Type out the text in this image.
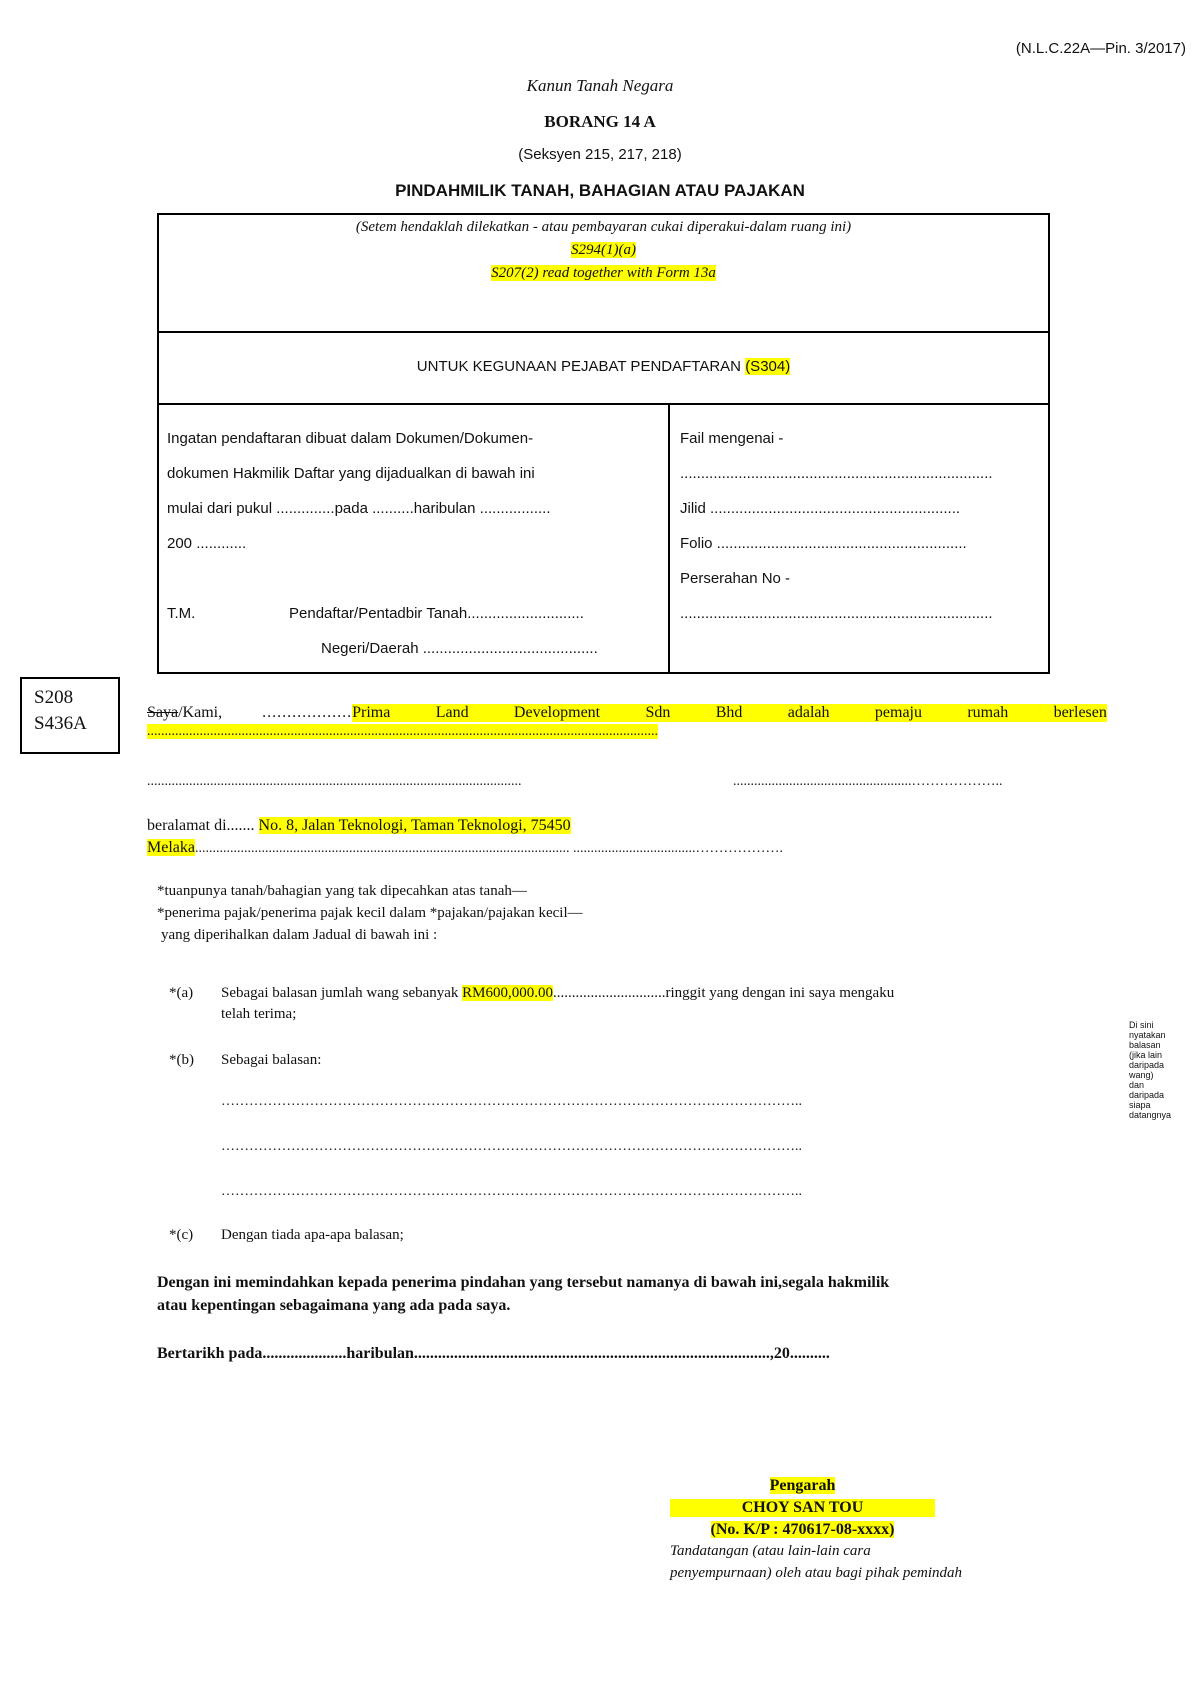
(N.L.C.22A—Pin. 3/2017)
Kanun Tanah Negara
BORANG 14 A
(Seksyen 215, 217, 218)
PINDAHMILIK TANAH, BAHAGIAN ATAU PAJAKAN
(Setem hendaklah dilekatkan - atau pembayaran cukai diperakui-dalam ruang ini)
S294(1)(a)
S207(2) read together with Form 13a
UNTUK KEGUNAAN PEJABAT PENDAFTARAN (S304)
Ingatan pendaftaran dibuat dalam Dokumen/Dokumen-
dokumen Hakmilik Daftar yang dijadualkan di bawah ini
mulai dari pukul ..............pada ..........haribulan .................
200 ............
T.M.	Pendaftar/Pentadbir Tanah............................
Negeri/Daerah ..........................................
Fail mengenai -
...........................................................................
Jilid ............................................................
Folio ............................................................
Perserahan No -
...........................................................................
S208
S436A
Saya /Kami,	.................. Prima	Land	Development	Sdn	Bhd	adalah	pemaju	rumah	berlesen
..................................................................................................................................................
...........................................................................................................	...................................................………………..
beralamat di....... No. 8, Jalan Teknologi, Taman Teknologi, 75450
Melaka........................................................................................................... ...................................……………….
*tuanpunya tanah/bahagian yang tak dipecahkan atas tanah—
*penerima pajak/penerima pajak kecil dalam *pajakan/pajakan kecil—
yang diperihalkan dalam Jadual di bawah ini :
*(a) Sebagai balasan jumlah wang sebanyak RM600,000.00..............................ringgit yang dengan ini saya mengaku
telah terima;
*(b) Sebagai balasan:
……………………………………………………………………………………………………………..
……………………………………………………………………………………………………………..
……………………………………………………………………………………………………………..
Di sini
nyatakan
balasan
(jika lain
daripada
wang)
dan
daripada
siapa
datangnya
*(c) Dengan tiada apa-apa balasan;
Dengan ini memindahkan kepada penerima pindahan yang tersebut namanya di bawah ini,segala hakmilik
atau kepentingan sebagaimana yang ada pada saya.
Bertarikh pada.....................haribulan.........................................................................................,20..........
Pengarah
CHOY SAN TOU
(No. K/P : 470617-08-xxxx)
Tandatangan (atau lain-lain cara
penyempurnaan) oleh atau bagi pihak pemindah
